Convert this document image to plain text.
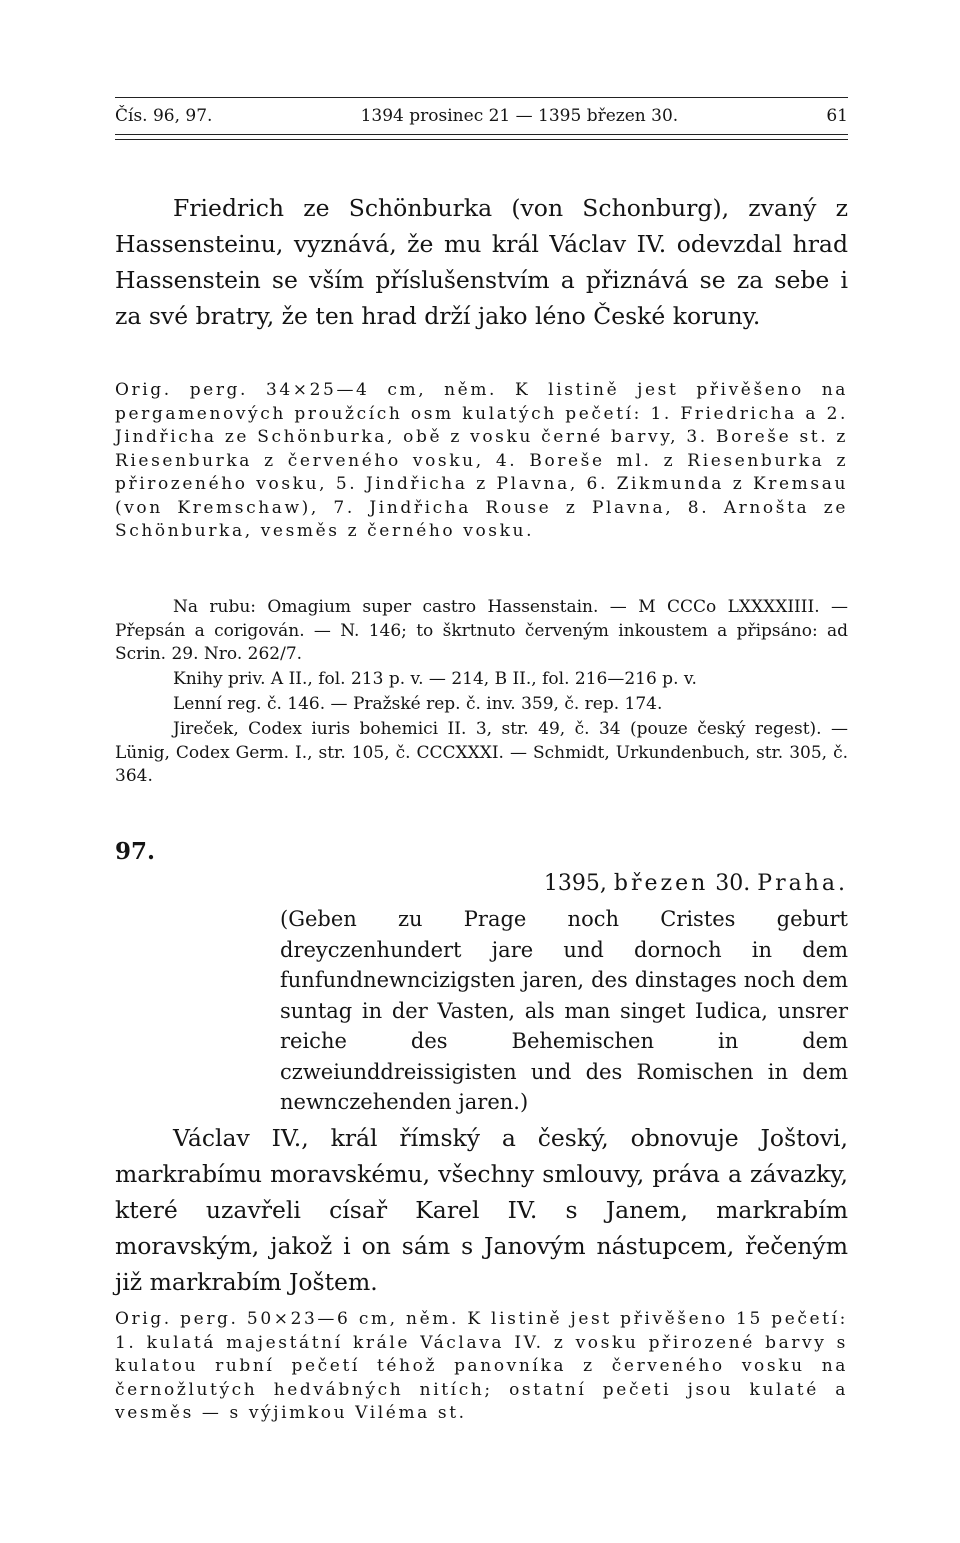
Čís. 96, 97.	1394 prosinec 21 — 1395 březen 30.	61

Friedrich ze Schönburka (von Schonburg), zvaný z Hassensteinu, vyznává, že mu král Václav IV. odevzdal hrad Hassenstein se vším příslušenstvím a přiznává se za sebe i za své bratry, že ten hrad drží jako léno České koruny.

Orig. perg. 34×25—4 cm, něm. K listině jest přivěšeno na pergamenových proužcích osm kulatých pečetí: 1. Friedricha a 2. Jindřicha ze Schönburka, obě z vosku černé barvy, 3. Boreše st. z Riesenburka z červeného vosku, 4. Boreše ml. z Riesenburka z přirozeného vosku, 5. Jindřicha z Plavna, 6. Zikmunda z Kremsau (von Kremschaw), 7. Jindřicha Rouse z Plavna, 8. Arnošta ze Schönburka, vesměs z černého vosku.

Na rubu: Omagium super castro Hassenstain. — M CCCo LXXXXIIII. — Přepsán a corigován. — N. 146; to škrtnuto červeným inkoustem a připsáno: ad Scrin. 29. Nro. 262/7.

Knihy priv. A II., fol. 213 p. v. — 214, B II., fol. 216—216 p. v.

Lenní reg. č. 146. — Pražské rep. č. inv. 359, č. rep. 174.

Jireček, Codex iuris bohemici II. 3, str. 49, č. 34 (pouze český regest). — Lünig, Codex Germ. I., str. 105, č. CCCXXXI. — Schmidt, Urkundenbuch, str. 305, č. 364.

97.

1395, březen 30. Praha.

(Geben zu Prage noch Cristes geburt dreyczenhundert jare und dornoch in dem funfundnewncizigsten jaren, des dinstages noch dem suntag in der Vasten, als man singet Iudica, unsrer reiche des Behemischen in dem czweiunddreissigisten und des Romischen in dem newnczehenden jaren.)

Václav IV., král římský a český, obnovuje Joštovi, markrabímu moravskému, všechny smlouvy, práva a závazky, které uzavřeli císař Karel IV. s Janem, markrabím moravským, jakož i on sám s Janovým nástupcem, řečeným již markrabím Joštem.

Orig. perg. 50×23—6 cm, něm. K listině jest přivěšeno 15 pečetí: 1. kulatá majestátní krále Václava IV. z vosku přirozené barvy s kulatou rubní pečetí téhož panovníka z červeného vosku na černožlutých hedvábných nitích; ostatní pečeti jsou kulaté a vesměs — s výjimkou Viléma st.
